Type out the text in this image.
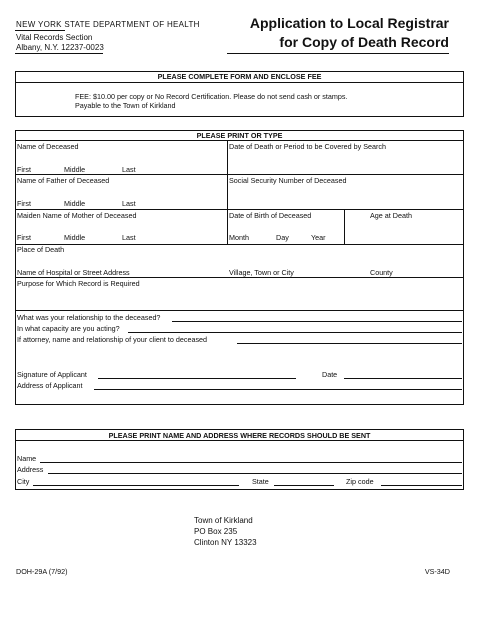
NEW YORK STATE DEPARTMENT OF HEALTH
Vital Records Section
Albany, N.Y. 12237-0023
Application to Local Registrar
for Copy of Death Record
PLEASE COMPLETE FORM AND ENCLOSE FEE
FEE: $10.00 per copy or No Record Certification. Please do not send cash or stamps.
Payable to the Town of Kirkland
PLEASE PRINT OR TYPE
Name of Deceased	Date of Death or Period to be Covered by Search
First	Middle	Last
Name of Father of Deceased	Social Security Number of Deceased
First	Middle	Last
Maiden Name of Mother of Deceased	Date of Birth of Deceased	Age at Death
First	Middle	Last	Month	Day	Year
Place of Death
Name of Hospital or Street Address	Village, Town or City	County
Purpose for Which Record is Required
What was your relationship to the deceased?
In what capacity are you acting?
If attorney, name and relationship of your client to deceased
Signature of Applicant	Date
Address of Applicant
PLEASE PRINT NAME AND ADDRESS WHERE RECORDS SHOULD BE SENT
Name
Address
City	State	Zip code
Town of Kirkland
PO Box 235
Clinton NY 13323
DOH-29A (7/92)	VS-34D
